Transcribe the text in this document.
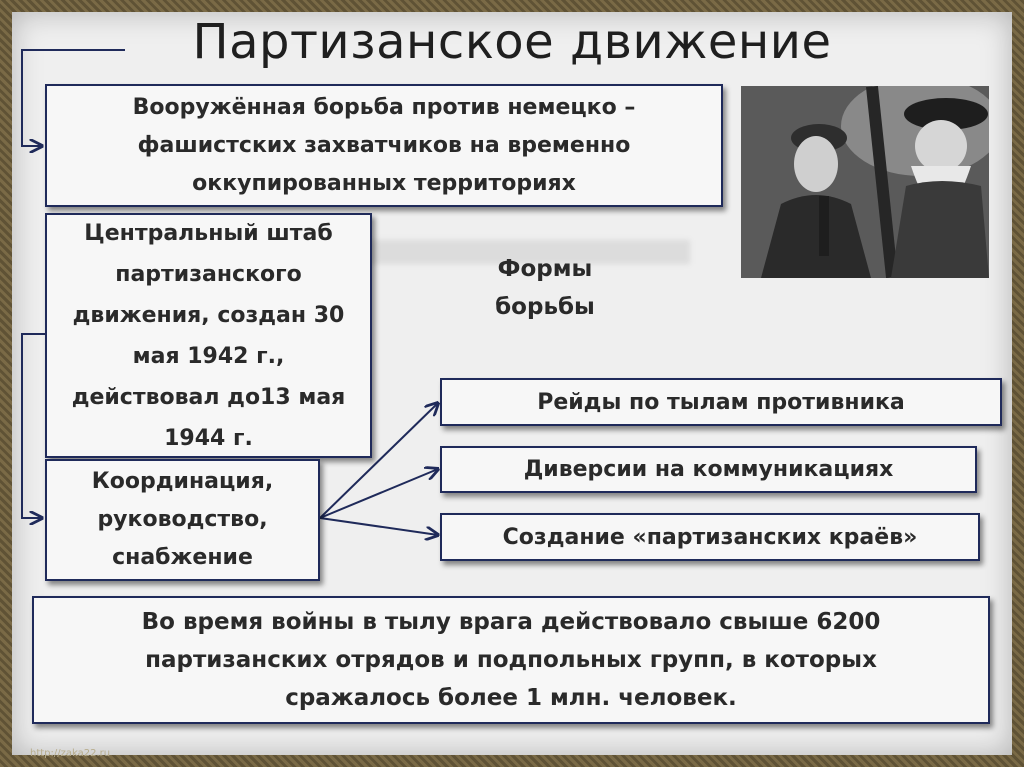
Партизанское движение
Вооружённая борьба против немецко – фашистских захватчиков на временно оккупированных территориях
Центральный штаб партизанского движения, создан 30 мая 1942 г., действовал до13 мая 1944 г.
Формы борьбы
Координация, руководство, снабжение
Рейды по тылам противника
Диверсии на коммуникациях
Создание «партизанских краёв»
Во время войны в тылу врага действовало свыше 6200 партизанских отрядов и подпольных групп, в которых сражалось более 1 млн. человек.
http://zaka22.ru
